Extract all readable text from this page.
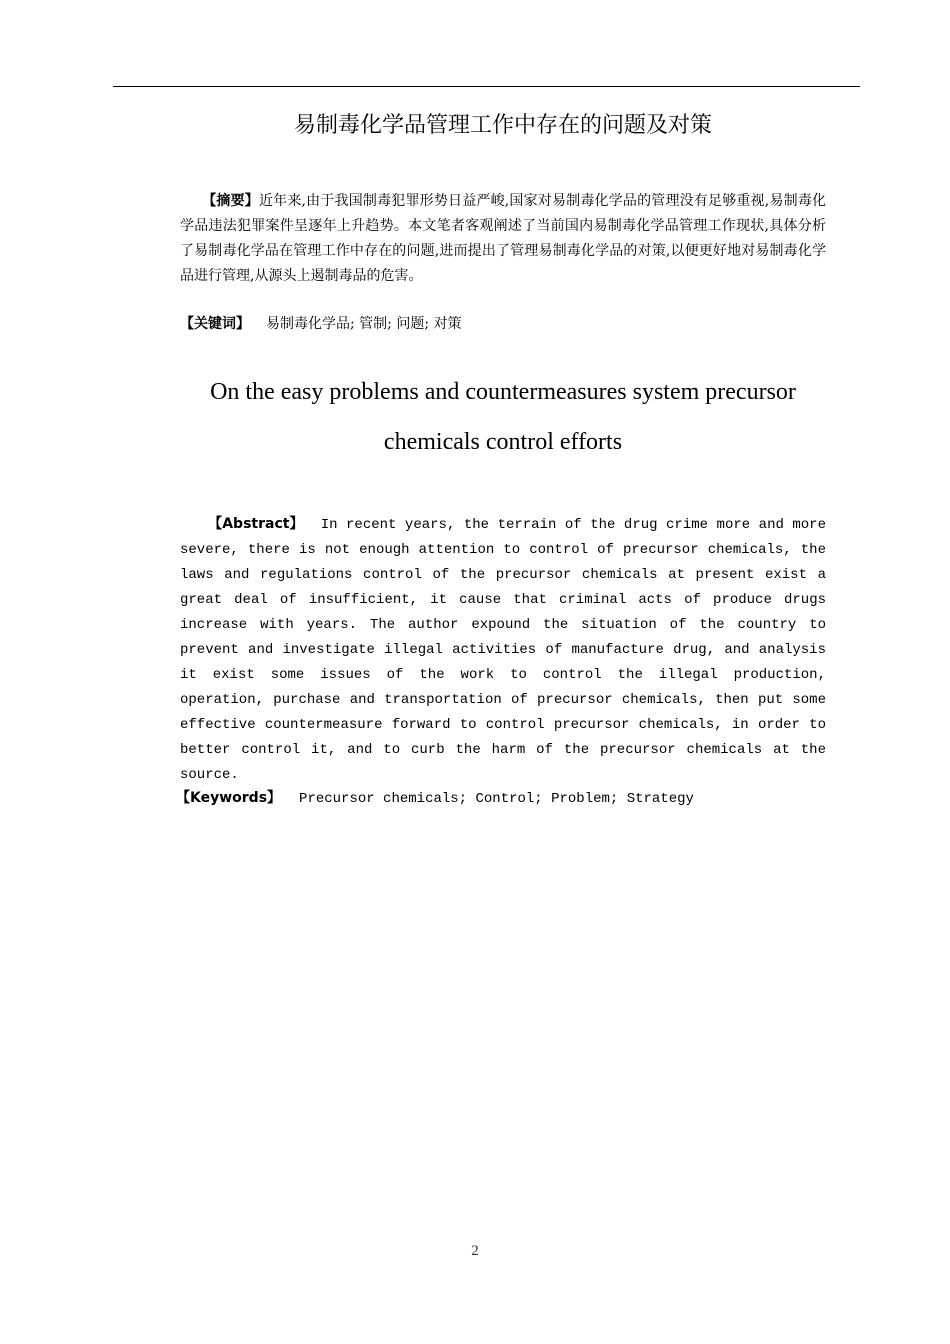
易制毒化学品管理工作中存在的问题及对策
【摘要】近年来,由于我国制毒犯罪形势日益严峻,国家对易制毒化学品的管理没有足够重视,易制毒化学品违法犯罪案件呈逐年上升趋势。本文笔者客观阐述了当前国内易制毒化学品管理工作现状,具体分析了易制毒化学品在管理工作中存在的问题,进而提出了管理易制毒化学品的对策,以便更好地对易制毒化学品进行管理,从源头上遏制毒品的危害。
【关键词】 易制毒化学品; 管制; 问题; 对策
On the easy problems and countermeasures system precursor chemicals control efforts
【Abstract】 In recent years, the terrain of the drug crime more and more severe, there is not enough attention to control of precursor chemicals, the laws and regulations control of the precursor chemicals at present exist a great deal of insufficient, it cause that criminal acts of produce drugs increase with years. The author expound the situation of the country to prevent and investigate illegal activities of manufacture drug, and analysis it exist some issues of the work to control the illegal production, operation, purchase and transportation of precursor chemicals, then put some effective countermeasure forward to control precursor chemicals, in order to better control it, and to curb the harm of the precursor chemicals at the source.
【Keywords】 Precursor chemicals; Control; Problem; Strategy
2
